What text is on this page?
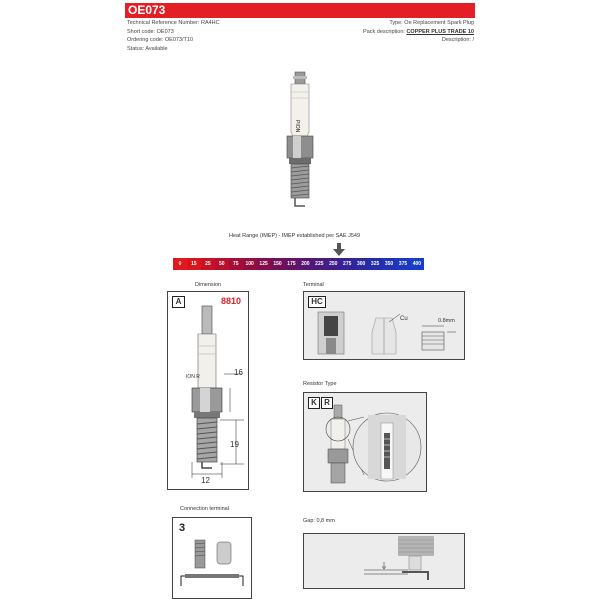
OE073
Technical Reference Number: RA4HC
Short code: OE073
Ordering code: OE073/T10
Status: Available
Type: Oe Replacement Spark Plug
Pack description: COPPER PLUS TRADE 10
Description: /
PION
Heat Range (IMEP) - IMEP established per SAE J549
0	15	25	50	75	100	125	150	175	200	225	250	275	300	325	350	375	400
Dimension
A	8810
ION R	16
19
12
Terminal
HC
Cu	0.8mm
Resistor Type
K R
Connection terminal
3
Gap: 0,8 mm
